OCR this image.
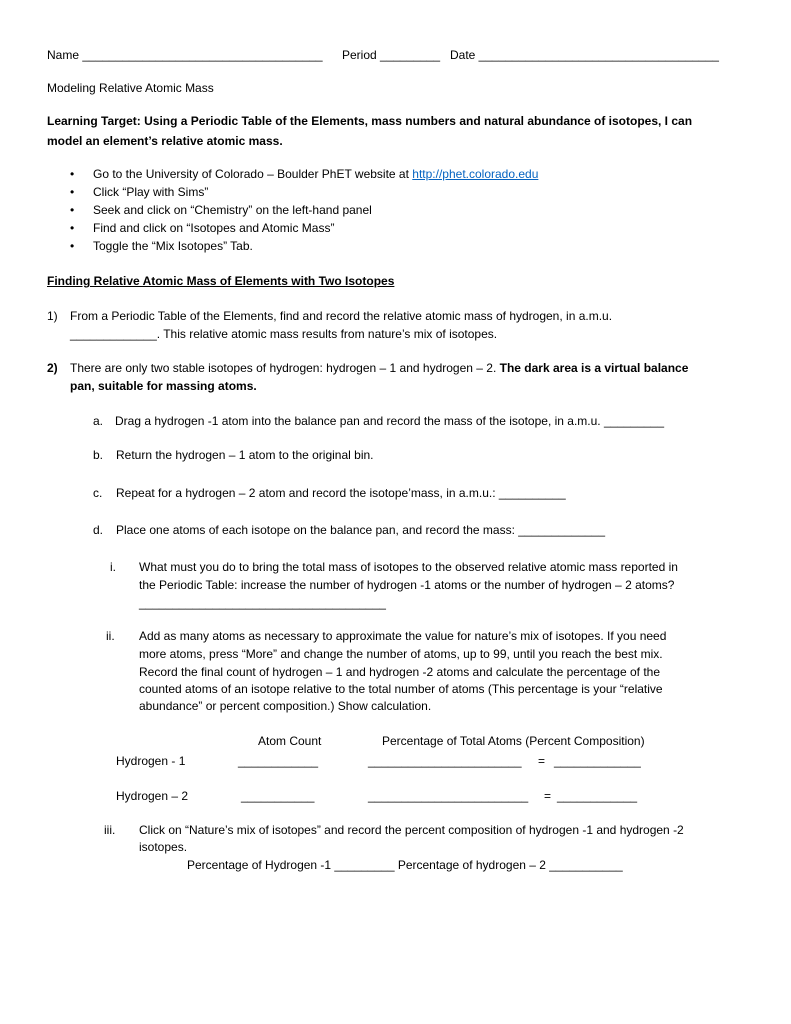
Name ____________________________________ Period _________ Date ____________________________________
Modeling Relative Atomic Mass
Learning Target: Using a Periodic Table of the Elements, mass numbers and natural abundance of isotopes, I can
model an element’s relative atomic mass.
• Go to the University of Colorado – Boulder PhET website at http://phet.colorado.edu
• Click “Play with Sims”
• Seek and click on “Chemistry” on the left-hand panel
• Find and click on “Isotopes and Atomic Mass”
• Toggle the “Mix Isotopes” Tab.
Finding Relative Atomic Mass of Elements with Two Isotopes
1) From a Periodic Table of the Elements, find and record the relative atomic mass of hydrogen, in a.m.u.
_____________. This relative atomic mass results from nature’s mix of isotopes.
2) There are only two stable isotopes of hydrogen: hydrogen – 1 and hydrogen – 2. The dark area is a virtual balance
pan, suitable for massing atoms.
a. Drag a hydrogen -1 atom into the balance pan and record the mass of the isotope, in a.m.u. _________
b. Return the hydrogen – 1 atom to the original bin.
c. Repeat for a hydrogen – 2 atom and record the isotope’mass, in a.m.u.: __________
d. Place one atoms of each isotope on the balance pan, and record the mass: _____________
i. What must you do to bring the total mass of isotopes to the observed relative atomic mass reported in
the Periodic Table: increase the number of hydrogen -1 atoms or the number of hydrogen – 2 atoms?
_____________________________________
ii. Add as many atoms as necessary to approximate the value for nature’s mix of isotopes. If you need
more atoms, press “More” and change the number of atoms, up to 99, until you reach the best mix.
Record the final count of hydrogen – 1 and hydrogen -2 atoms and calculate the percentage of the
counted atoms of an isotope relative to the total number of atoms (This percentage is your “relative
abundance” or percent composition.) Show calculation.
Atom Count	Percentage of Total Atoms (Percent Composition)
Hydrogen - 1	____________	_______________________ = _____________
Hydrogen – 2	___________	________________________ = ____________
iii. Click on “Nature’s mix of isotopes” and record the percent composition of hydrogen -1 and hydrogen -2
isotopes.
Percentage of Hydrogen -1 _________ Percentage of hydrogen – 2 ___________
